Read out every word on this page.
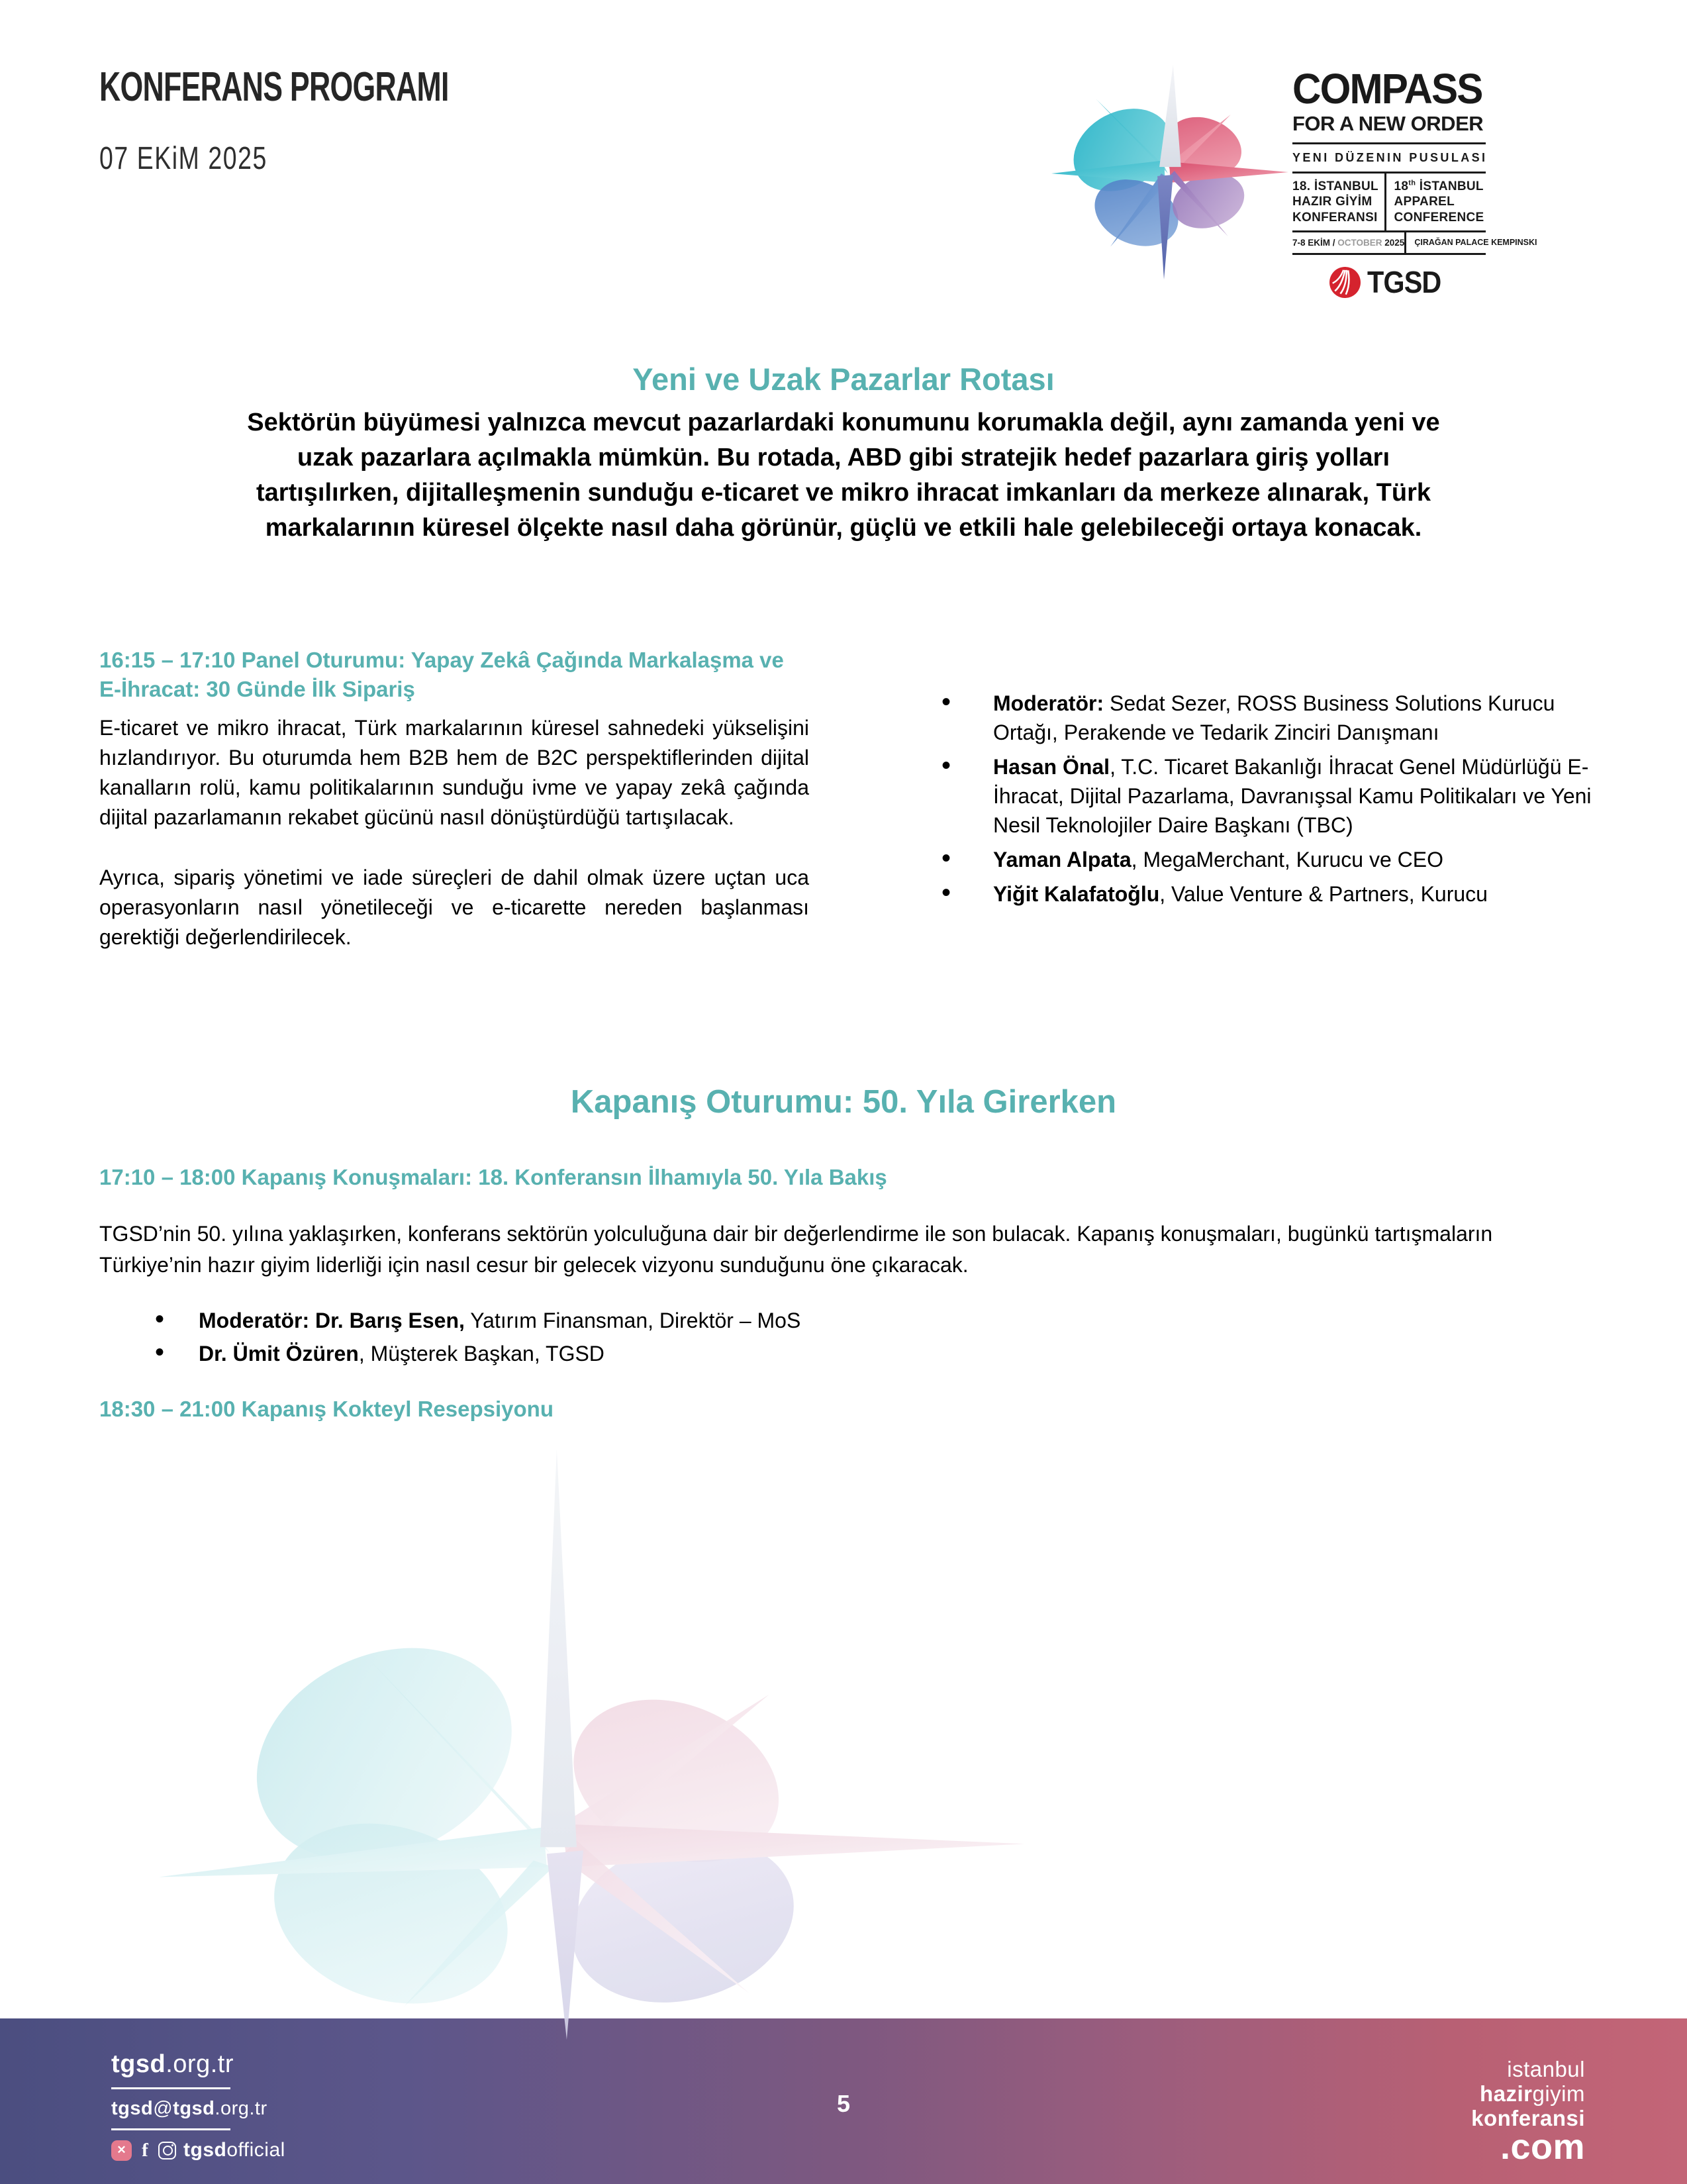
KONFERANS PROGRAMI
07 EKiM 2025
COMPASS
FOR A NEW ORDER
YENI DÜZENIN PUSULASI
18. İSTANBUL
HAZIR GİYİM
KONFERANSI
18th İSTANBUL
APPAREL
CONFERENCE
7-8 EKİM / OCTOBER 2025	ÇIRAĞAN PALACE KEMPINSKI
TGSD
Yeni ve Uzak Pazarlar Rotası
Sektörün büyümesi yalnızca mevcut pazarlardaki konumunu korumakla değil, aynı zamanda yeni ve
uzak pazarlara açılmakla mümkün. Bu rotada, ABD gibi stratejik hedef pazarlara giriş yolları
tartışılırken, dijitalleşmenin sunduğu e-ticaret ve mikro ihracat imkanları da merkeze alınarak, Türk
markalarının küresel ölçekte nasıl daha görünür, güçlü ve etkili hale gelebileceği ortaya konacak.
16:15 – 17:10 Panel Oturumu: Yapay Zekâ Çağında Markalaşma ve E-İhracat: 30 Günde İlk Sipariş

E-ticaret ve mikro ihracat, Türk markalarının küresel sahnedeki yükselişini hızlandırıyor. Bu oturumda hem B2B hem de B2C perspektiflerinden dijital kanalların rolü, kamu politikalarının sunduğu ivme ve yapay zekâ çağında dijital pazarlamanın rekabet gücünü nasıl dönüştürdüğü tartışılacak.

Ayrıca, sipariş yönetimi ve iade süreçleri de dahil olmak üzere uçtan uca operasyonların nasıl yönetileceği ve e-ticarette nereden başlanması gerektiği değerlendirilecek.

• Moderatör: Sedat Sezer, ROSS Business Solutions Kurucu Ortağı, Perakende ve Tedarik Zinciri Danışmanı
• Hasan Önal, T.C. Ticaret Bakanlığı İhracat Genel Müdürlüğü E-İhracat, Dijital Pazarlama, Davranışsal Kamu Politikaları ve Yeni Nesil Teknolojiler Daire Başkanı (TBC)
• Yaman Alpata, MegaMerchant, Kurucu ve CEO
• Yiğit Kalafatoğlu, Value Venture & Partners, Kurucu
Kapanış Oturumu: 50. Yıla Girerken
17:10 – 18:00 Kapanış Konuşmaları: 18. Konferansın İlhamıyla 50. Yıla Bakış
TGSD’nin 50. yılına yaklaşırken, konferans sektörün yolculuğuna dair bir değerlendirme ile son bulacak. Kapanış konuşmaları, bugünkü tartışmaların Türkiye’nin hazır giyim liderliği için nasıl cesur bir gelecek vizyonu sunduğunu öne çıkaracak.
• Moderatör: Dr. Barış Esen, Yatırım Finansman, Direktör – MoS
• Dr. Ümit Özüren, Müşterek Başkan, TGSD
18:30 – 21:00 Kapanış Kokteyl Resepsiyonu
tgsd.org.tr
tgsd@tgsd.org.tr
✕
f
tgsdofficial
5
istanbul
hazirgiyim
konferansi
.com
